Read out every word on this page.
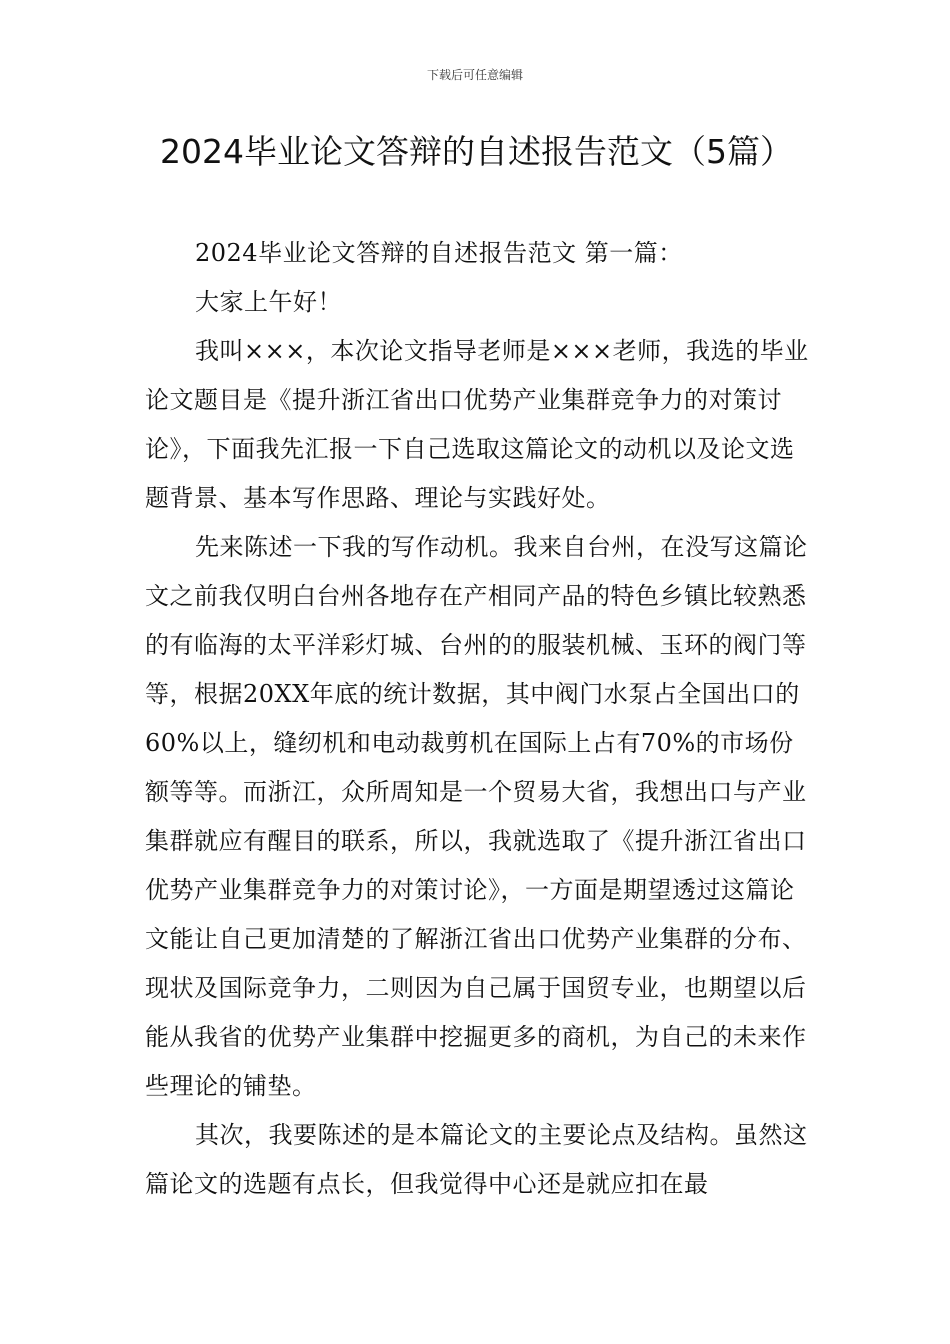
下载后可任意编辑
2024毕业论文答辩的自述报告范文（5篇）

2024毕业论文答辩的自述报告范文 第一篇：

大家上午好！

我叫×××，本次论文指导老师是×××老师，我选的毕业论文题目是《提升浙江省出口优势产业集群竞争力的对策讨论》，下面我先汇报一下自己选取这篇论文的动机以及论文选题背景、基本写作思路、理论与实践好处。

先来陈述一下我的写作动机。我来自台州，在没写这篇论文之前我仅明白台州各地存在产相同产品的特色乡镇比较熟悉的有临海的太平洋彩灯城、台州的的服装机械、玉环的阀门等等，根据20XX年底的统计数据，其中阀门水泵占全国出口的60%以上，缝纫机和电动裁剪机在国际上占有70%的市场份额等等。而浙江，众所周知是一个贸易大省，我想出口与产业集群就应有醒目的联系，所以，我就选取了《提升浙江省出口优势产业集群竞争力的对策讨论》，一方面是期望透过这篇论文能让自己更加清楚的了解浙江省出口优势产业集群的分布、现状及国际竞争力，二则因为自己属于国贸专业，也期望以后能从我省的优势产业集群中挖掘更多的商机，为自己的未来作些理论的铺垫。

其次，我要陈述的是本篇论文的主要论点及结构。虽然这篇论文的选题有点长，但我觉得中心还是就应扣在最
